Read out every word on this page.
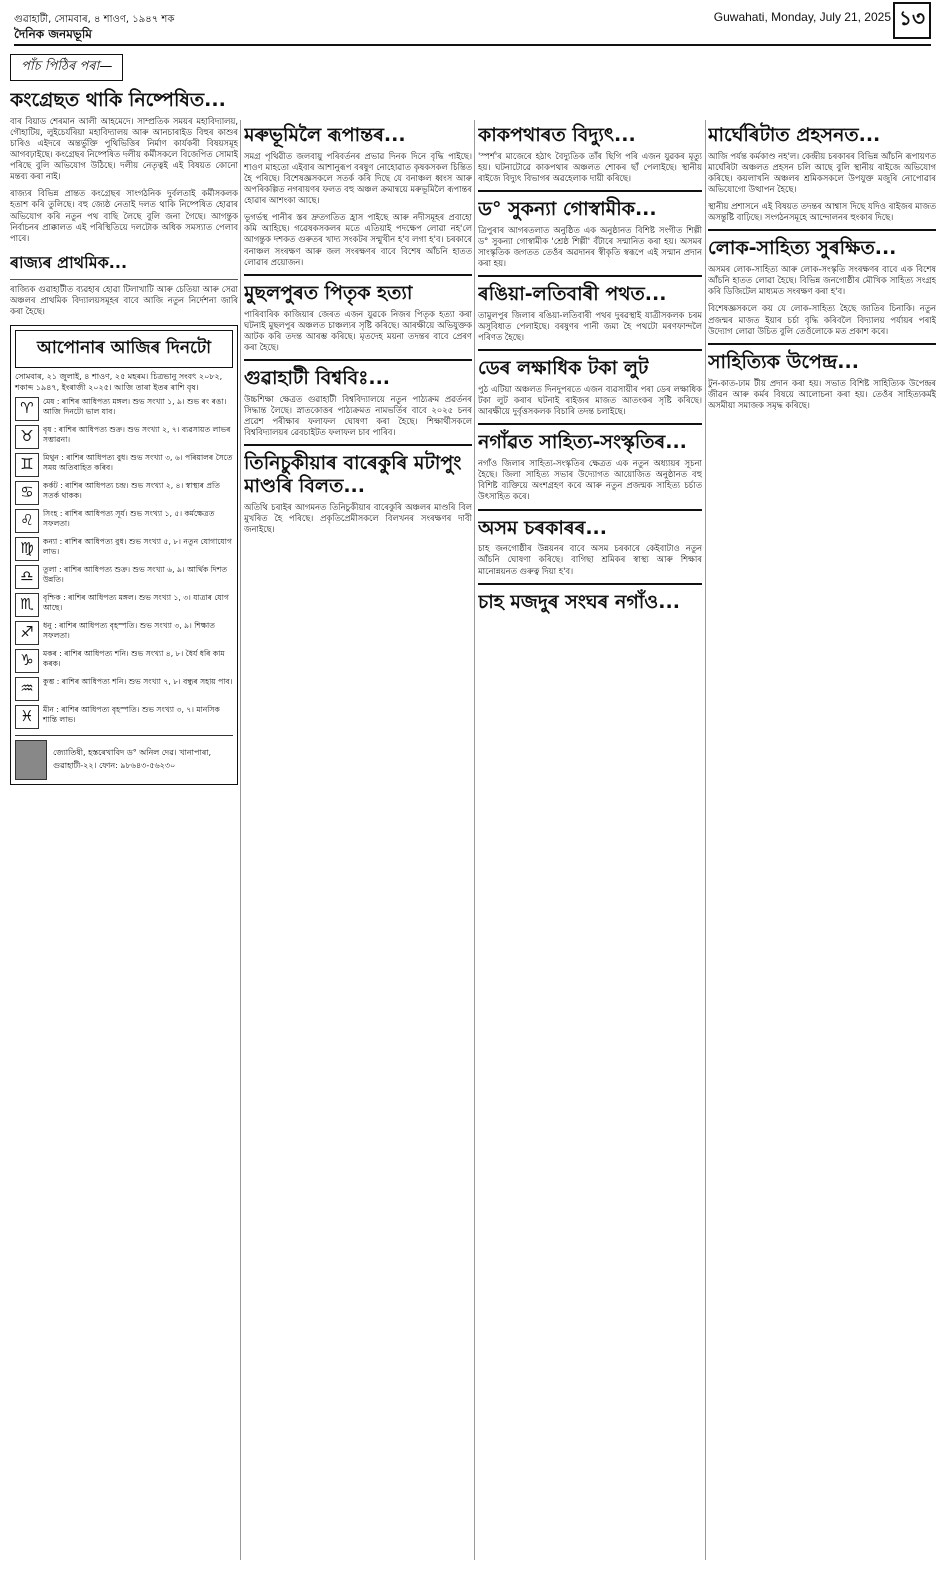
গুৱাহাটী, সোমবাৰ, ৪ শাওণ, ১৯৪৭ শক	Guwahati, Monday, July 21, 2025 ১৩
দৈনিক জনমভূমি
পাঁচ পিঠিৰ পৰা—
কংগ্ৰেছত থাকি নিষ্পেষিত...

বাৰ বিয়াড শেৰমান আলী আহমেদে। সাম্প্ৰতিক সময়ৰ মহাবিদ্যালয়, গৌহাটিয়, লুইচেৰ্যৰিয়া মহাবিদ্যালয় আৰু আনচাৰাইড বিহুৰ কাশুৰ চাৰিও এইদৰে অন্তৰ্ভুক্তি পুথিভিত্তিৰ নিৰ্মাণ কাৰ্যকৰী বিষয়সমূহ আগবঢ়াইছে। কংগ্ৰেছৰ নিষ্পেষিত দলীয় কৰ্মীসকলে বিজেপিত সোমাই পৰিছে বুলি অভিযোগ উঠিছে। দলীয় নেতৃত্বই এই বিষয়ত কোনো মন্তব্য কৰা নাই।

ৰাজ্যৰ বিভিন্ন প্ৰান্তত কংগ্ৰেছৰ সাংগঠনিক দুৰ্বলতাই কৰ্মীসকলক হতাশ কৰি তুলিছে। বহু জ্যেষ্ঠ নেতাই দলত থাকি নিষ্পেষিত হোৱাৰ অভিযোগ কৰি নতুন পথ বাছি লৈছে বুলি জনা গৈছে। আগন্তুক নিৰ্বাচনৰ প্ৰাক্কালত এই পৰিস্থিতিয়ে দলটোক অধিক সমস্যাত পেলাব পাৰে।

ৰাজ্যৰ প্ৰাথমিক...

ৰাজ্যিক গুৱাহাটীত ব্যৱহাৰ হোৱা টিলাখাটি আৰু চেতিয়া আৰু সেৱা অঞ্চলৰ প্ৰাথমিক বিদ্যালয়সমূহৰ বাবে আজি নতুন নিৰ্দেশনা জাৰি কৰা হৈছে।

আপোনাৰ আজিৰ দিনটো
সোমবাৰ, ২১ জুলাই, ৪ শাওণ, ২৫ মহৰম। চিত্ৰভানু সংবৎ ২০৮২, শকাব্দ ১৯৪৭, ইংৰাজী ২০২৫। আজি তাৰা ইতৰ ৰাশি বৃষ।
♈	মেষ : ৰাশিৰ আধিপত্য মঙ্গল। শুভ সংখ্যা ১, ৯। শুভ ৰং ৰঙা। আজি দিনটো ভাল যাব।
♉	বৃষ : ৰাশিৰ আধিপত্য শুক্ৰ। শুভ সংখ্যা ২, ৭। ব্যৱসায়ত লাভৰ সম্ভাৱনা।
♊	মিথুন : ৰাশিৰ আধিপত্য বুধ। শুভ সংখ্যা ৩, ৬। পৰিয়ালৰ সৈতে সময় অতিবাহিত কৰিব।
♋	কৰ্কট : ৰাশিৰ আধিপত্য চন্দ্ৰ। শুভ সংখ্যা ২, ৪। স্বাস্থ্যৰ প্ৰতি সতৰ্ক থাকক।
♌	সিংহ : ৰাশিৰ আধিপত্য সূৰ্য। শুভ সংখ্যা ১, ৫। কৰ্মক্ষেত্ৰত সফলতা।
♍	কন্যা : ৰাশিৰ আধিপত্য বুধ। শুভ সংখ্যা ৫, ৮। নতুন যোগাযোগ লাভ।
♎	তুলা : ৰাশিৰ আধিপত্য শুক্ৰ। শুভ সংখ্যা ৬, ৯। আৰ্থিক দিশত উন্নতি।
♏	বৃশ্চিক : ৰাশিৰ আধিপত্য মঙ্গল। শুভ সংখ্যা ১, ৩। যাত্ৰাৰ যোগ আছে।
♐	ধনু : ৰাশিৰ আধিপত্য বৃহস্পতি। শুভ সংখ্যা ৩, ৯। শিক্ষাত সফলতা।
♑	মকৰ : ৰাশিৰ আধিপত্য শনি। শুভ সংখ্যা ৪, ৮। ধৈৰ্য ধৰি কাম কৰক।
♒	কুম্ভ : ৰাশিৰ আধিপত্য শনি। শুভ সংখ্যা ৭, ৮। বন্ধুৰ সহায় পাব।
♓	মীন : ৰাশিৰ আধিপত্য বৃহস্পতি। শুভ সংখ্যা ৩, ৭। মানসিক শান্তি লাভ।
জ্যোতিষী, হস্তৰেখাবিদ ড° অনিল দেৱ। খানাপাৰা, গুৱাহাটী-২২। ফোন: ৯৮৬৪৩-৫৬২৩০
মৰুভূমিলৈ ৰূপান্তৰ...

সমগ্ৰ পৃথিৱীত জলবায়ু পৰিবৰ্তনৰ প্ৰভাৱ দিনক দিনে বৃদ্ধি পাইছে। শাওণ মাহতো এইবাৰ আশানুৰূপ বৰষুণ নোহোৱাত কৃষকসকল চিন্তিত হৈ পৰিছে। বিশেষজ্ঞসকলে সতৰ্ক কৰি দিছে যে বনাঞ্চল ধ্বংস আৰু অপৰিকল্পিত নগৰায়ণৰ ফলত বহু অঞ্চল ক্ৰমান্বয়ে মৰুভূমিলৈ ৰূপান্তৰ হোৱাৰ আশংকা আছে।

ভূগৰ্ভস্থ পানীৰ স্তৰ দ্ৰুতগতিত হ্ৰাস পাইছে আৰু নদীসমূহৰ প্ৰবাহো কমি আহিছে। গৱেষকসকলৰ মতে এতিয়াই পদক্ষেপ লোৱা নহ'লে আগন্তুক দশকত গুৰুতৰ খাদ্য সংকটৰ সন্মুখীন হ'ব লগা হ'ব। চৰকাৰে বনাঞ্চল সংৰক্ষণ আৰু জল সংৰক্ষণৰ বাবে বিশেষ আঁচনি হাতত লোৱাৰ প্ৰয়োজন।

মুছলপুৰত পিতৃক হত্যা

পাৰিবাৰিক কাজিয়াৰ জেৰত এজন যুৱকে নিজৰ পিতৃক হত্যা কৰা ঘটনাই মুছলপুৰ অঞ্চলত চাঞ্চল্যৰ সৃষ্টি কৰিছে। আৰক্ষীয়ে অভিযুক্তক আটক কৰি তদন্ত আৰম্ভ কৰিছে। মৃতদেহ ময়না তদন্তৰ বাবে প্ৰেৰণ কৰা হৈছে।

গুৱাহাটী বিশ্ববিঃ...

উচ্চশিক্ষা ক্ষেত্ৰত গুৱাহাটী বিশ্ববিদ্যালয়ে নতুন পাঠ্যক্ৰম প্ৰৱৰ্তনৰ সিদ্ধান্ত লৈছে। স্নাতকোত্তৰ পাঠ্যক্ৰমত নামভৰ্তিৰ বাবে ২০২৫ চনৰ প্ৰৱেশ পৰীক্ষাৰ ফলাফল ঘোষণা কৰা হৈছে। শিক্ষাৰ্থীসকলে বিশ্ববিদ্যালয়ৰ ৱেবচাইটত ফলাফল চাব পাৰিব।

তিনিচুকীয়াৰ বাৰেকুৰি মটাপুং মাণ্ডৰি বিলত...

অতিথি চৰাইৰ আগমনত তিনিচুকীয়াৰ বাৰেকুৰি অঞ্চলৰ মাণ্ডৰি বিল মুখৰিত হৈ পৰিছে। প্ৰকৃতিপ্ৰেমীসকলে বিলখনৰ সংৰক্ষণৰ দাবী জনাইছে।

কাকপথাৰত বিদ্যুৎ...

'স্পৰ্শ'ৰ মাজেৰে হঠাৎ বৈদ্যুতিক তাঁৰ ছিগি পৰি এজন যুৱকৰ মৃত্যু হয়। ঘটনাটোৱে কাকপথাৰ অঞ্চলত শোকৰ ছাঁ পেলাইছে। স্থানীয় ৰাইজে বিদ্যুৎ বিভাগৰ অৱহেলাক দায়ী কৰিছে।

ড° সুকন্যা গোস্বামীক...

ত্ৰিপুৰাৰ আগৰতলাত অনুষ্ঠিত এক অনুষ্ঠানত বিশিষ্ট সংগীত শিল্পী ড° সুকন্যা গোস্বামীক 'শ্ৰেষ্ঠ শিল্পী' বঁটাৰে সন্মানিত কৰা হয়। অসমৰ সাংস্কৃতিক জগতত তেওঁৰ অৱদানৰ স্বীকৃতি স্বৰূপে এই সন্মান প্ৰদান কৰা হয়।

ৰঙিয়া-লতিবাৰী পথত...

তামুলপুৰ জিলাৰ ৰঙিয়া-লতিবাৰী পথৰ দুৰৱস্থাই যাত্ৰীসকলক চৰম অসুবিধাত পেলাইছে। বৰষুণৰ পানী জমা হৈ পথটো মৰণফান্দলৈ পৰিণত হৈছে।

ডেৰ লক্ষাধিক টকা লুট

পুঠ এটিয়া অঞ্চলত দিনদুপৰতে এজন ব্যৱসায়ীৰ পৰা ডেৰ লক্ষাধিক টকা লুট কৰাৰ ঘটনাই ৰাইজৰ মাজত আতংকৰ সৃষ্টি কৰিছে। আৰক্ষীয়ে দুৰ্বৃত্তসকলক বিচাৰি তদন্ত চলাইছে।

নগাঁৱত সাহিত্য-সংস্কৃতিৰ...

নগাঁও জিলাৰ সাহিত্য-সংস্কৃতিৰ ক্ষেত্ৰত এক নতুন অধ্যায়ৰ সূচনা হৈছে। জিলা সাহিত্য সভাৰ উদ্যোগত আয়োজিত অনুষ্ঠানত বহু বিশিষ্ট ব্যক্তিয়ে অংশগ্ৰহণ কৰে আৰু নতুন প্ৰজন্মক সাহিত্য চৰ্চাত উৎসাহিত কৰে।

অসম চৰকাৰৰ...

চাহ জনগোষ্ঠীৰ উন্নয়নৰ বাবে অসম চৰকাৰে কেইবাটাও নতুন আঁচনি ঘোষণা কৰিছে। বাগিছা শ্ৰমিকৰ স্বাস্থ্য আৰু শিক্ষাৰ মানোন্নয়নত গুৰুত্ব দিয়া হ'ব।

চাহ মজদুৰ সংঘৰ নগাঁও...
মাৰ্ঘেৰিটাত প্ৰহসনত...

আজি পৰ্যন্ত কৰ্মকাণ্ড নহ'ল। কেন্দ্ৰীয় চৰকাৰৰ বিভিন্ন আঁচনি ৰূপায়ণত মাৰ্ঘেৰিটা অঞ্চলত প্ৰহসন চলি আছে বুলি স্থানীয় ৰাইজে অভিযোগ কৰিছে। কয়লাখনি অঞ্চলৰ শ্ৰমিকসকলে উপযুক্ত মজুৰি নোপোৱাৰ অভিযোগো উত্থাপন হৈছে।

স্থানীয় প্ৰশাসনে এই বিষয়ত তদন্তৰ আশ্বাস দিছে যদিও ৰাইজৰ মাজত অসন্তুষ্টি বাঢ়িছে। সংগঠনসমূহে আন্দোলনৰ হুংকাৰ দিছে।

লোক-সাহিত্য সুৰক্ষিত...

অসমৰ লোক-সাহিত্য আৰু লোক-সংস্কৃতি সংৰক্ষণৰ বাবে এক বিশেষ আঁচনি হাতত লোৱা হৈছে। বিভিন্ন জনগোষ্ঠীৰ মৌখিক সাহিত্য সংগ্ৰহ কৰি ডিজিটেল মাধ্যমত সংৰক্ষণ কৰা হ'ব।

বিশেষজ্ঞসকলে কয় যে লোক-সাহিত্য হৈছে জাতিৰ চিনাকি। নতুন প্ৰজন্মৰ মাজত ইয়াৰ চৰ্চা বৃদ্ধি কৰিবলৈ বিদ্যালয় পৰ্যায়ৰ পৰাই উদ্যোগ লোৱা উচিত বুলি তেওঁলোকে মত প্ৰকাশ কৰে।

সাহিত্যিক উপেন্দ্ৰ...

টুন-কাত-ঢাম টীয় প্ৰদান কৰা হয়। সভাত বিশিষ্ট সাহিত্যিক উপেন্দ্ৰৰ জীৱন আৰু কৰ্মৰ বিষয়ে আলোচনা কৰা হয়। তেওঁৰ সাহিত্যকৰ্মই অসমীয়া সমাজক সমৃদ্ধ কৰিছে।
